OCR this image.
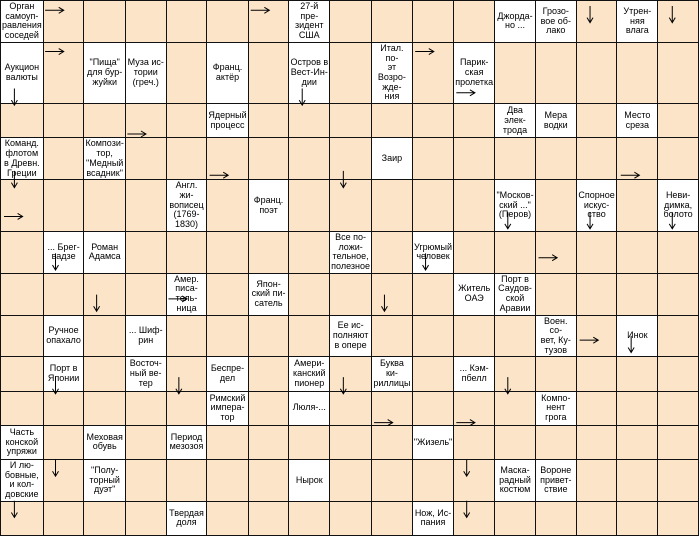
Орган
самоуп-
равления
соседей
27-й пре-
зидент
США
Джорда-
но ...
Грозо-
вое об-
лако
Утрен-
няя
влага
Аукцион
валюты
"Пища"
для бур-
жуйки
Муза ис-
тории
(греч.)
Франц.
актёр
Остров в
Вест-Ин-
дии
Итал. по-
эт Возро-
жде-
ния
Парик-
ская
пролетка
Ядерный
процесс
Два
элек-
трода
Мера
водки
Место
среза
Команд.
флотом
в Древн.
Греции
Компози-
тор,
"Медный
всадник"
Заир
Англ. жи-
вописец
(1769-
1830)
Франц.
поэт
"Москов-
ский ..."
(Перов)
Спорное
искус-
ство
Неви-
димка,
болото
... Брег-
вадзе
Роман
Адамса
Все по-
ложи-
тельное,
полезное
Угрюмый
человек
Амер.
писа-
тель-
ница
Япон-
ский пи-
сатель
Житель
ОАЭ
Порт в
Саудов-
ской
Аравии
Ручное
опахало
... Шиф-
рин
Ее ис-
полняют
в опере
Воен. со-
вет, Ку-
тузов
Инок
Порт в
Японии
Восточ-
ный ве-
тер
Беспре-
дел
Амери-
канский
пионер
Буква ки-
риллицы
... Кэм-
пбелл
Римский
импера-
тор
Люля-...
Компо-
нент
грога
Часть
конской
упряжи
Меховая
обувь
Период
мезозоя	"Жизель"
И лю-
бовные,
и кол-
довские
"Полу-
торный
дуэт"
Нырок
Маска-
радный
костюм
Вороне
привет-
ствие
Твердая
доля
Нож, Ис-
пания
